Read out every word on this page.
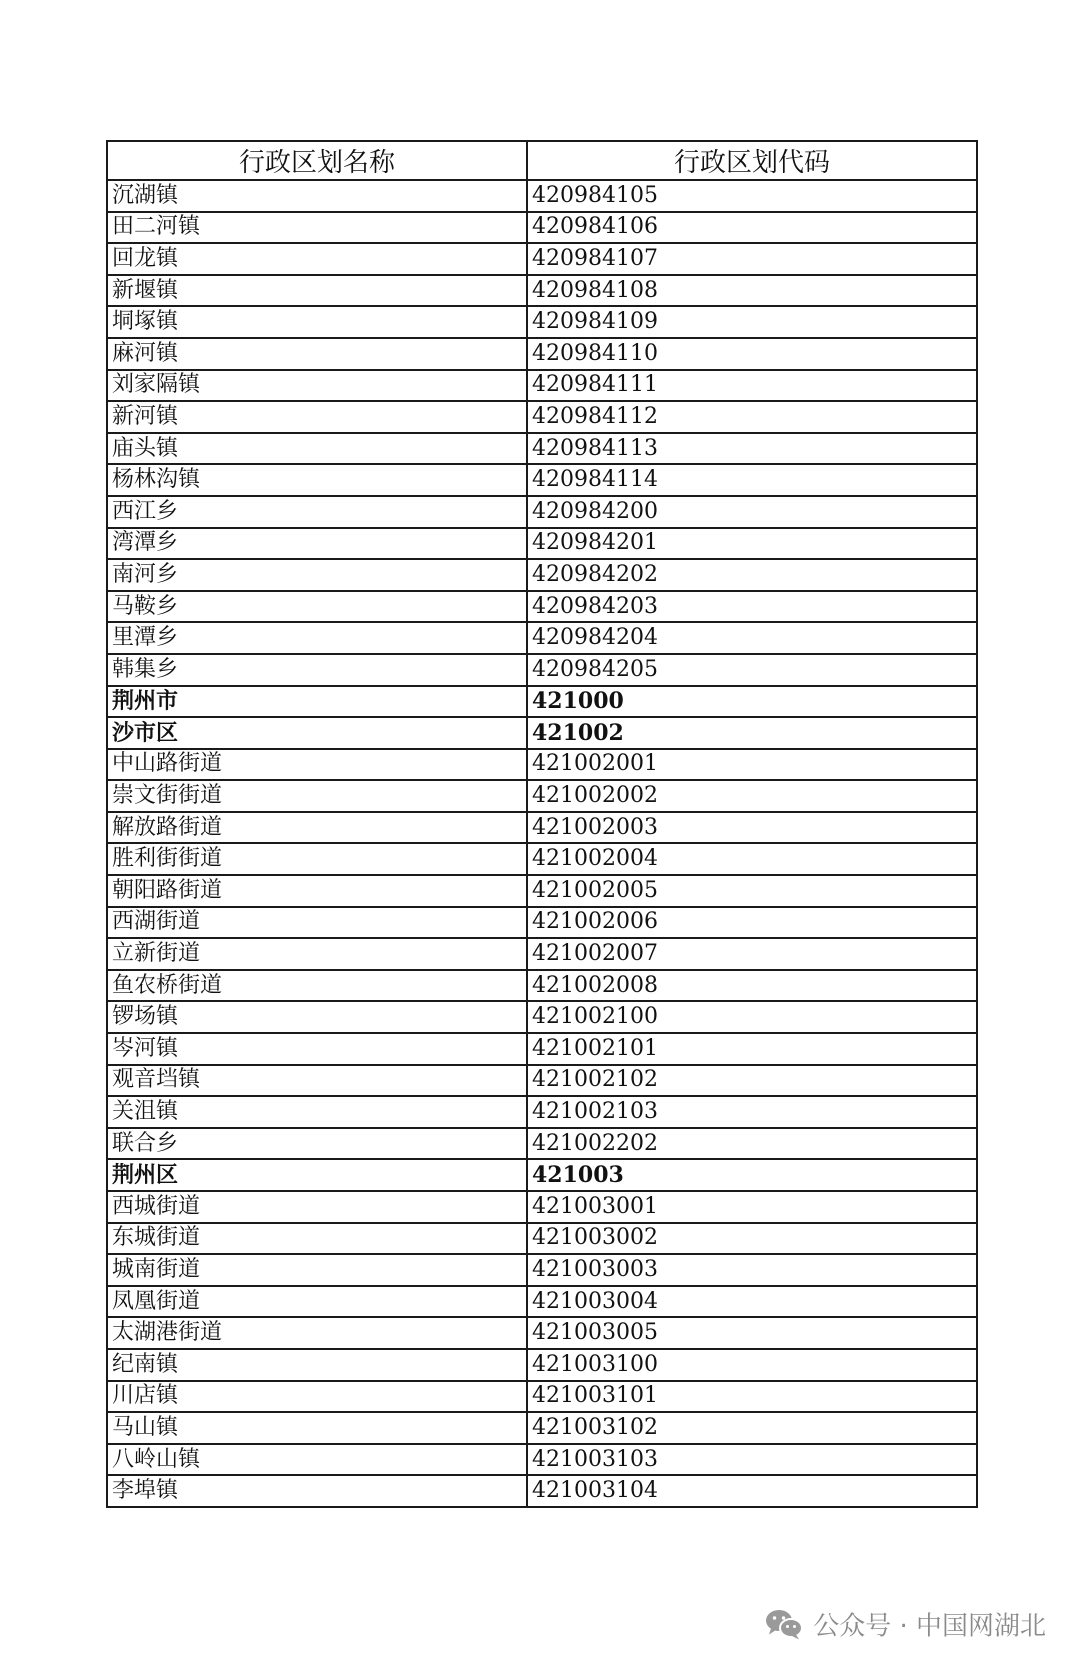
行政区划名称	行政区划代码
沉湖镇	420984105
田二河镇	420984106
回龙镇	420984107
新堰镇	420984108
垌塚镇	420984109
麻河镇	420984110
刘家隔镇	420984111
新河镇	420984112
庙头镇	420984113
杨林沟镇	420984114
西江乡	420984200
湾潭乡	420984201
南河乡	420984202
马鞍乡	420984203
里潭乡	420984204
韩集乡	420984205
荆州市	421000
沙市区	421002
中山路街道	421002001
崇文街街道	421002002
解放路街道	421002003
胜利街街道	421002004
朝阳路街道	421002005
西湖街道	421002006
立新街道	421002007
鱼农桥街道	421002008
锣场镇	421002100
岑河镇	421002101
观音垱镇	421002102
关沮镇	421002103
联合乡	421002202
荆州区	421003
西城街道	421003001
东城街道	421003002
城南街道	421003003
凤凰街道	421003004
太湖港街道	421003005
纪南镇	421003100
川店镇	421003101
马山镇	421003102
八岭山镇	421003103
李埠镇	421003104
公众号 · 中国网湖北
